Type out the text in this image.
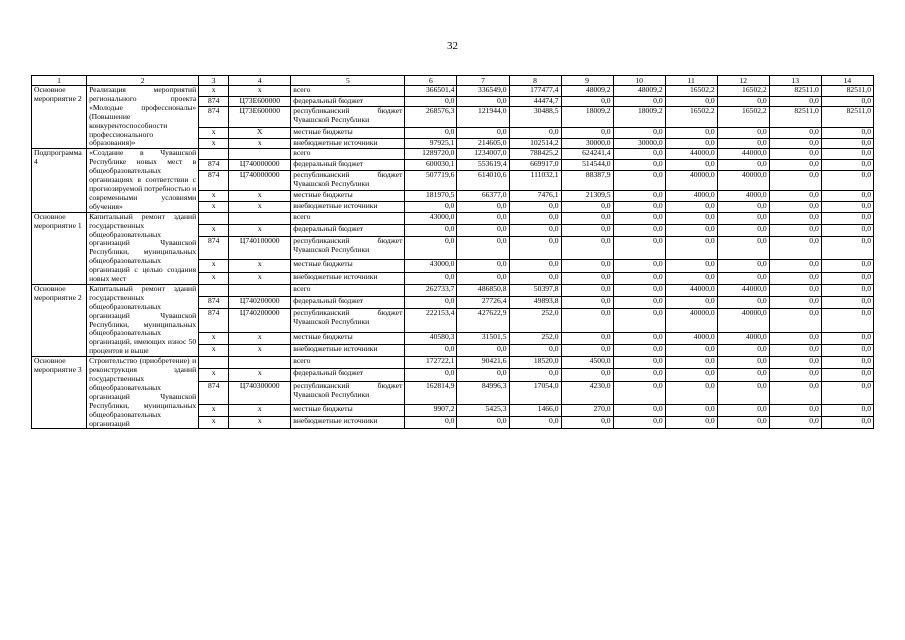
32
1	2	3	4	5	6	7	8	9	10	11	12	13	14
Основное мероприятие 2	Реализация мероприятий регионального проекта «Молодые профессионалы» (Повышение конкурентоспособности профессионального образования)»	x	x	всего	366501,4	336549,0	177477,4	48009,2	48009,2	16502,2	16502,2	82511,0	82511,0
		874	Ц73Е600000	федеральный бюджет	0,0	0,0	44474,7	0,0	0,0	0,0	0,0	0,0	0,0
		874	Ц73Е600000	республиканский бюджет Чувашской Республики	268576,3	121944,0	30488,5	18009,2	18009,2	16502,2	16502,2	82511,0	82511,0
		x	X	местные бюджеты	0,0	0,0	0,0	0,0	0,0	0,0	0,0	0,0	0,0
		x	x	внебюджетные источники	97925,1	214605,0	102514,2	30000,0	30000,0	0,0	0,0	0,0	0,0
Подпрограмма 4	«Создание в Чувашской Республике новых мест в общеобразовательных организациях в соответствии с прогнозируемой потребностью и современными условиями обучения»			всего	1289720,0	1234007,0	788425,2	624241,4	0,0	44000,0	44000,0	0,0	0,0
		874	Ц740000000	федеральный бюджет	600030,1	553619,4	669917,0	514544,0	0,0	0,0	0,0	0,0	0,0
		874	Ц740000000	республиканский бюджет Чувашской Республики	507719,6	614010,6	111032,1	88387,9	0,0	40000,0	40000,0	0,0	0,0
		x	x	местные бюджеты	181970,5	66377,0	7476,1	21309,5	0,0	4000,0	4000,0	0,0	0,0
		x	x	внебюджетные источники	0,0	0,0	0,0	0,0	0,0	0,0	0,0	0,0	0,0
Основное мероприятие 1	Капитальный ремонт зданий государственных общеобразовательных организаций Чувашской Республики, муниципальных общеобразовательных организаций с целью создания новых мест			всего	43000,0	0,0	0,0	0,0	0,0	0,0	0,0	0,0	0,0
		x	x	федеральный бюджет	0,0	0,0	0,0	0,0	0,0	0,0	0,0	0,0	0,0
		874	Ц740100000	республиканский бюджет Чувашской Республики	0,0	0,0	0,0	0,0	0,0	0,0	0,0	0,0	0,0
		x	x	местные бюджеты	43000,0	0,0	0,0	0,0	0,0	0,0	0,0	0,0	0,0
		x	x	внебюджетные источники	0,0	0,0	0,0	0,0	0,0	0,0	0,0	0,0	0,0
Основное мероприятие 2	Капитальный ремонт зданий государственных общеобразовательных организаций Чувашской Республики, муниципальных общеобразовательных организаций, имеющих износ 50 процентов и выше			всего	262733,7	486850,8	50397,8	0,0	0,0	44000,0	44000,0	0,0	0,0
		874	Ц740200000	федеральный бюджет	0,0	27726,4	49893,8	0,0	0,0	0,0	0,0	0,0	0,0
		874	Ц740200000	республиканский бюджет Чувашской Республики	222153,4	427622,9	252,0	0,0	0,0	40000,0	40000,0	0,0	0,0
		x	x	местные бюджеты	40580,3	31501,5	252,0	0,0	0,0	4000,0	4000,0	0,0	0,0
		x	x	внебюджетные источники	0,0	0,0	0,0	0,0	0,0	0,0	0,0	0,0	0,0
Основное мероприятие 3	Строительство (приобретение) и реконструкция зданий государственных общеобразовательных организаций Чувашской Республики, муниципальных общеобразовательных организаций			всего	172722,1	90421,6	18520,0	4500,0	0,0	0,0	0,0	0,0	0,0
		x	x	федеральный бюджет	0,0	0,0	0,0	0,0	0,0	0,0	0,0	0,0	0,0
		874	Ц740300000	республиканский бюджет Чувашской Республики	162814,9	84996,3	17054,0	4230,0	0,0	0,0	0,0	0,0	0,0
		x	x	местные бюджеты	9907,2	5425,3	1466,0	270,0	0,0	0,0	0,0	0,0	0,0
		x	x	внебюджетные источники	0,0	0,0	0,0	0,0	0,0	0,0	0,0	0,0	0,0
